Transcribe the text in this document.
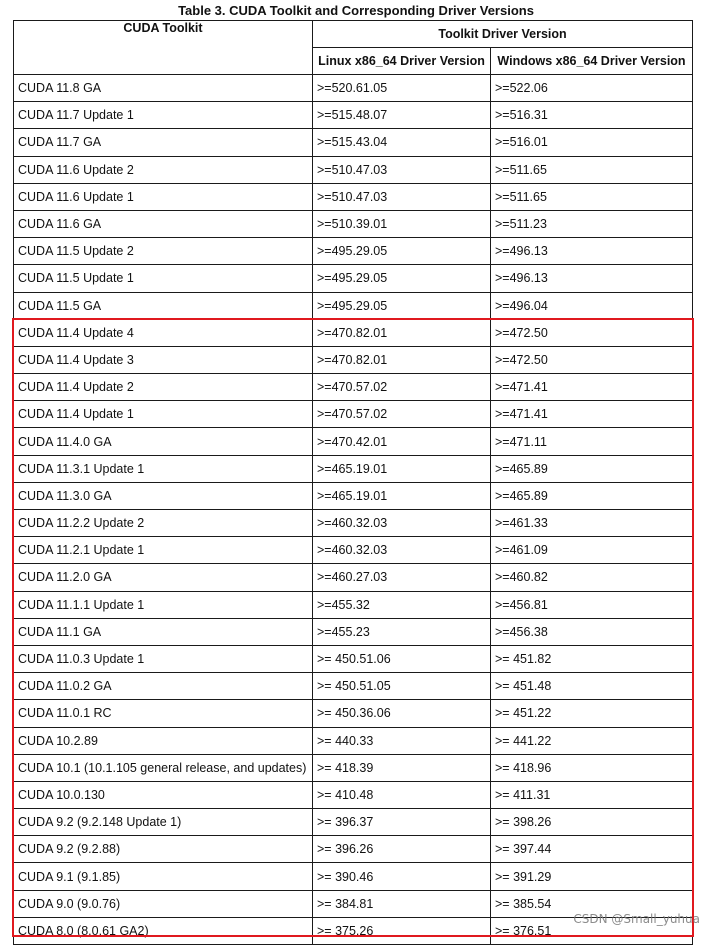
Table 3. CUDA Toolkit and Corresponding Driver Versions
CUDA Toolkit	Toolkit Driver Version	
	Linux x86_64 Driver Version	Windows x86_64 Driver Version
CUDA 11.8 GA	>=520.61.05	>=522.06
CUDA 11.7 Update 1	>=515.48.07	>=516.31
CUDA 11.7 GA	>=515.43.04	>=516.01
CUDA 11.6 Update 2	>=510.47.03	>=511.65
CUDA 11.6 Update 1	>=510.47.03	>=511.65
CUDA 11.6 GA	>=510.39.01	>=511.23
CUDA 11.5 Update 2	>=495.29.05	>=496.13
CUDA 11.5 Update 1	>=495.29.05	>=496.13
CUDA 11.5 GA	>=495.29.05	>=496.04
CUDA 11.4 Update 4	>=470.82.01	>=472.50
CUDA 11.4 Update 3	>=470.82.01	>=472.50
CUDA 11.4 Update 2	>=470.57.02	>=471.41
CUDA 11.4 Update 1	>=470.57.02	>=471.41
CUDA 11.4.0 GA	>=470.42.01	>=471.11
CUDA 11.3.1 Update 1	>=465.19.01	>=465.89
CUDA 11.3.0 GA	>=465.19.01	>=465.89
CUDA 11.2.2 Update 2	>=460.32.03	>=461.33
CUDA 11.2.1 Update 1	>=460.32.03	>=461.09
CUDA 11.2.0 GA	>=460.27.03	>=460.82
CUDA 11.1.1 Update 1	>=455.32	>=456.81
CUDA 11.1 GA	>=455.23	>=456.38
CUDA 11.0.3 Update 1	>= 450.51.06	>= 451.82
CUDA 11.0.2 GA	>= 450.51.05	>= 451.48
CUDA 11.0.1 RC	>= 450.36.06	>= 451.22
CUDA 10.2.89	>= 440.33	>= 441.22
CUDA 10.1 (10.1.105 general release, and updates)	>= 418.39	>= 418.96
CUDA 10.0.130	>= 410.48	>= 411.31
CUDA 9.2 (9.2.148 Update 1)	>= 396.37	>= 398.26
CUDA 9.2 (9.2.88)	>= 396.26	>= 397.44
CUDA 9.1 (9.1.85)	>= 390.46	>= 391.29
CUDA 9.0 (9.0.76)	>= 384.81	>= 385.54
CUDA 8.0 (8.0.61 GA2)	>= 375.26	>= 376.51
CSDN @Small_yuhua
